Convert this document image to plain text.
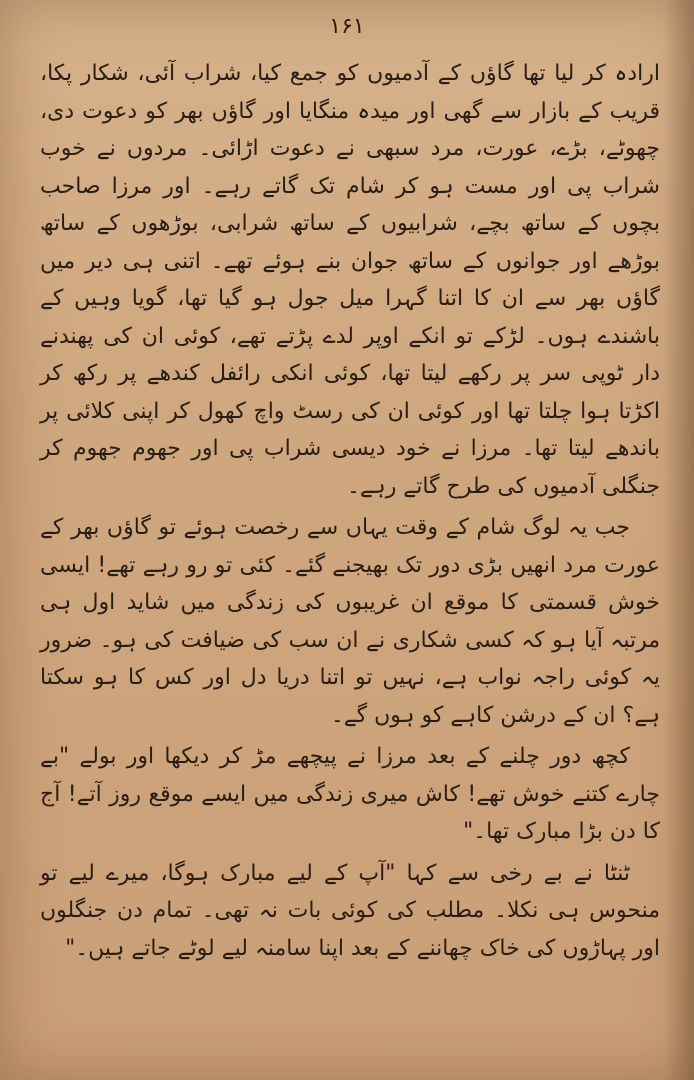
۱۶۱

ارادہ کر لیا تھا گاؤں کے آدمیوں کو جمع کیا، شراب آئی، شکار پکا، قریب کے بازار سے گھی اور میدہ منگایا اور گاؤں بھر کو دعوت دی، چھوٹے، بڑے، عورت، مرد سبھی نے دعوت اڑائی۔ مردوں نے خوب شراب پی اور مست ہو کر شام تک گاتے رہے۔ اور مرزا صاحب بچوں کے ساتھ بچے، شرابیوں کے ساتھ شرابی، بوڑھوں کے ساتھ بوڑھے اور جوانوں کے ساتھ جوان بنے ہوئے تھے۔ اتنی ہی دیر میں گاؤں بھر سے ان کا اتنا گہرا میل جول ہو گیا تھا، گویا وہیں کے باشندے ہوں۔ لڑکے تو انکے اوپر لدے پڑتے تھے، کوئی ان کی پھندنے دار ٹوپی سر پر رکھے لیتا تھا، کوئی انکی رائفل کندھے پر رکھ کر اکڑتا ہوا چلتا تھا اور کوئی ان کی رسٹ واچ کھول کر اپنی کلائی پر باندھے لیتا تھا۔ مرزا نے خود دیسی شراب پی اور جھوم جھوم کر جنگلی آدمیوں کی طرح گاتے رہے۔

جب یہ لوگ شام کے وقت یہاں سے رخصت ہوئے تو گاؤں بھر کے عورت مرد انھیں بڑی دور تک بھیجنے گئے۔ کئی تو رو رہے تھے! ایسی خوش قسمتی کا موقع ان غریبوں کی زندگی میں شاید اول ہی مرتبہ آیا ہو کہ کسی شکاری نے ان سب کی ضیافت کی ہو۔ ضرور یہ کوئی راجہ نواب ہے، نہیں تو اتنا دریا دل اور کس کا ہو سکتا ہے؟ ان کے درشن کاہے کو ہوں گے۔

کچھ دور چلنے کے بعد مرزا نے پیچھے مڑ کر دیکھا اور بولے "بے چارے کتنے خوش تھے! کاش میری زندگی میں ایسے موقع روز آتے! آج کا دن بڑا مبارک تھا۔"

ٹنٹا نے بے رخی سے کہا "آپ کے لیے مبارک ہوگا، میرے لیے تو منحوس ہی نکلا۔ مطلب کی کوئی بات نہ تھی۔ تمام دن جنگلوں اور پہاڑوں کی خاک چھاننے کے بعد اپنا سامنہ لیے لوٹے جاتے ہیں۔"
